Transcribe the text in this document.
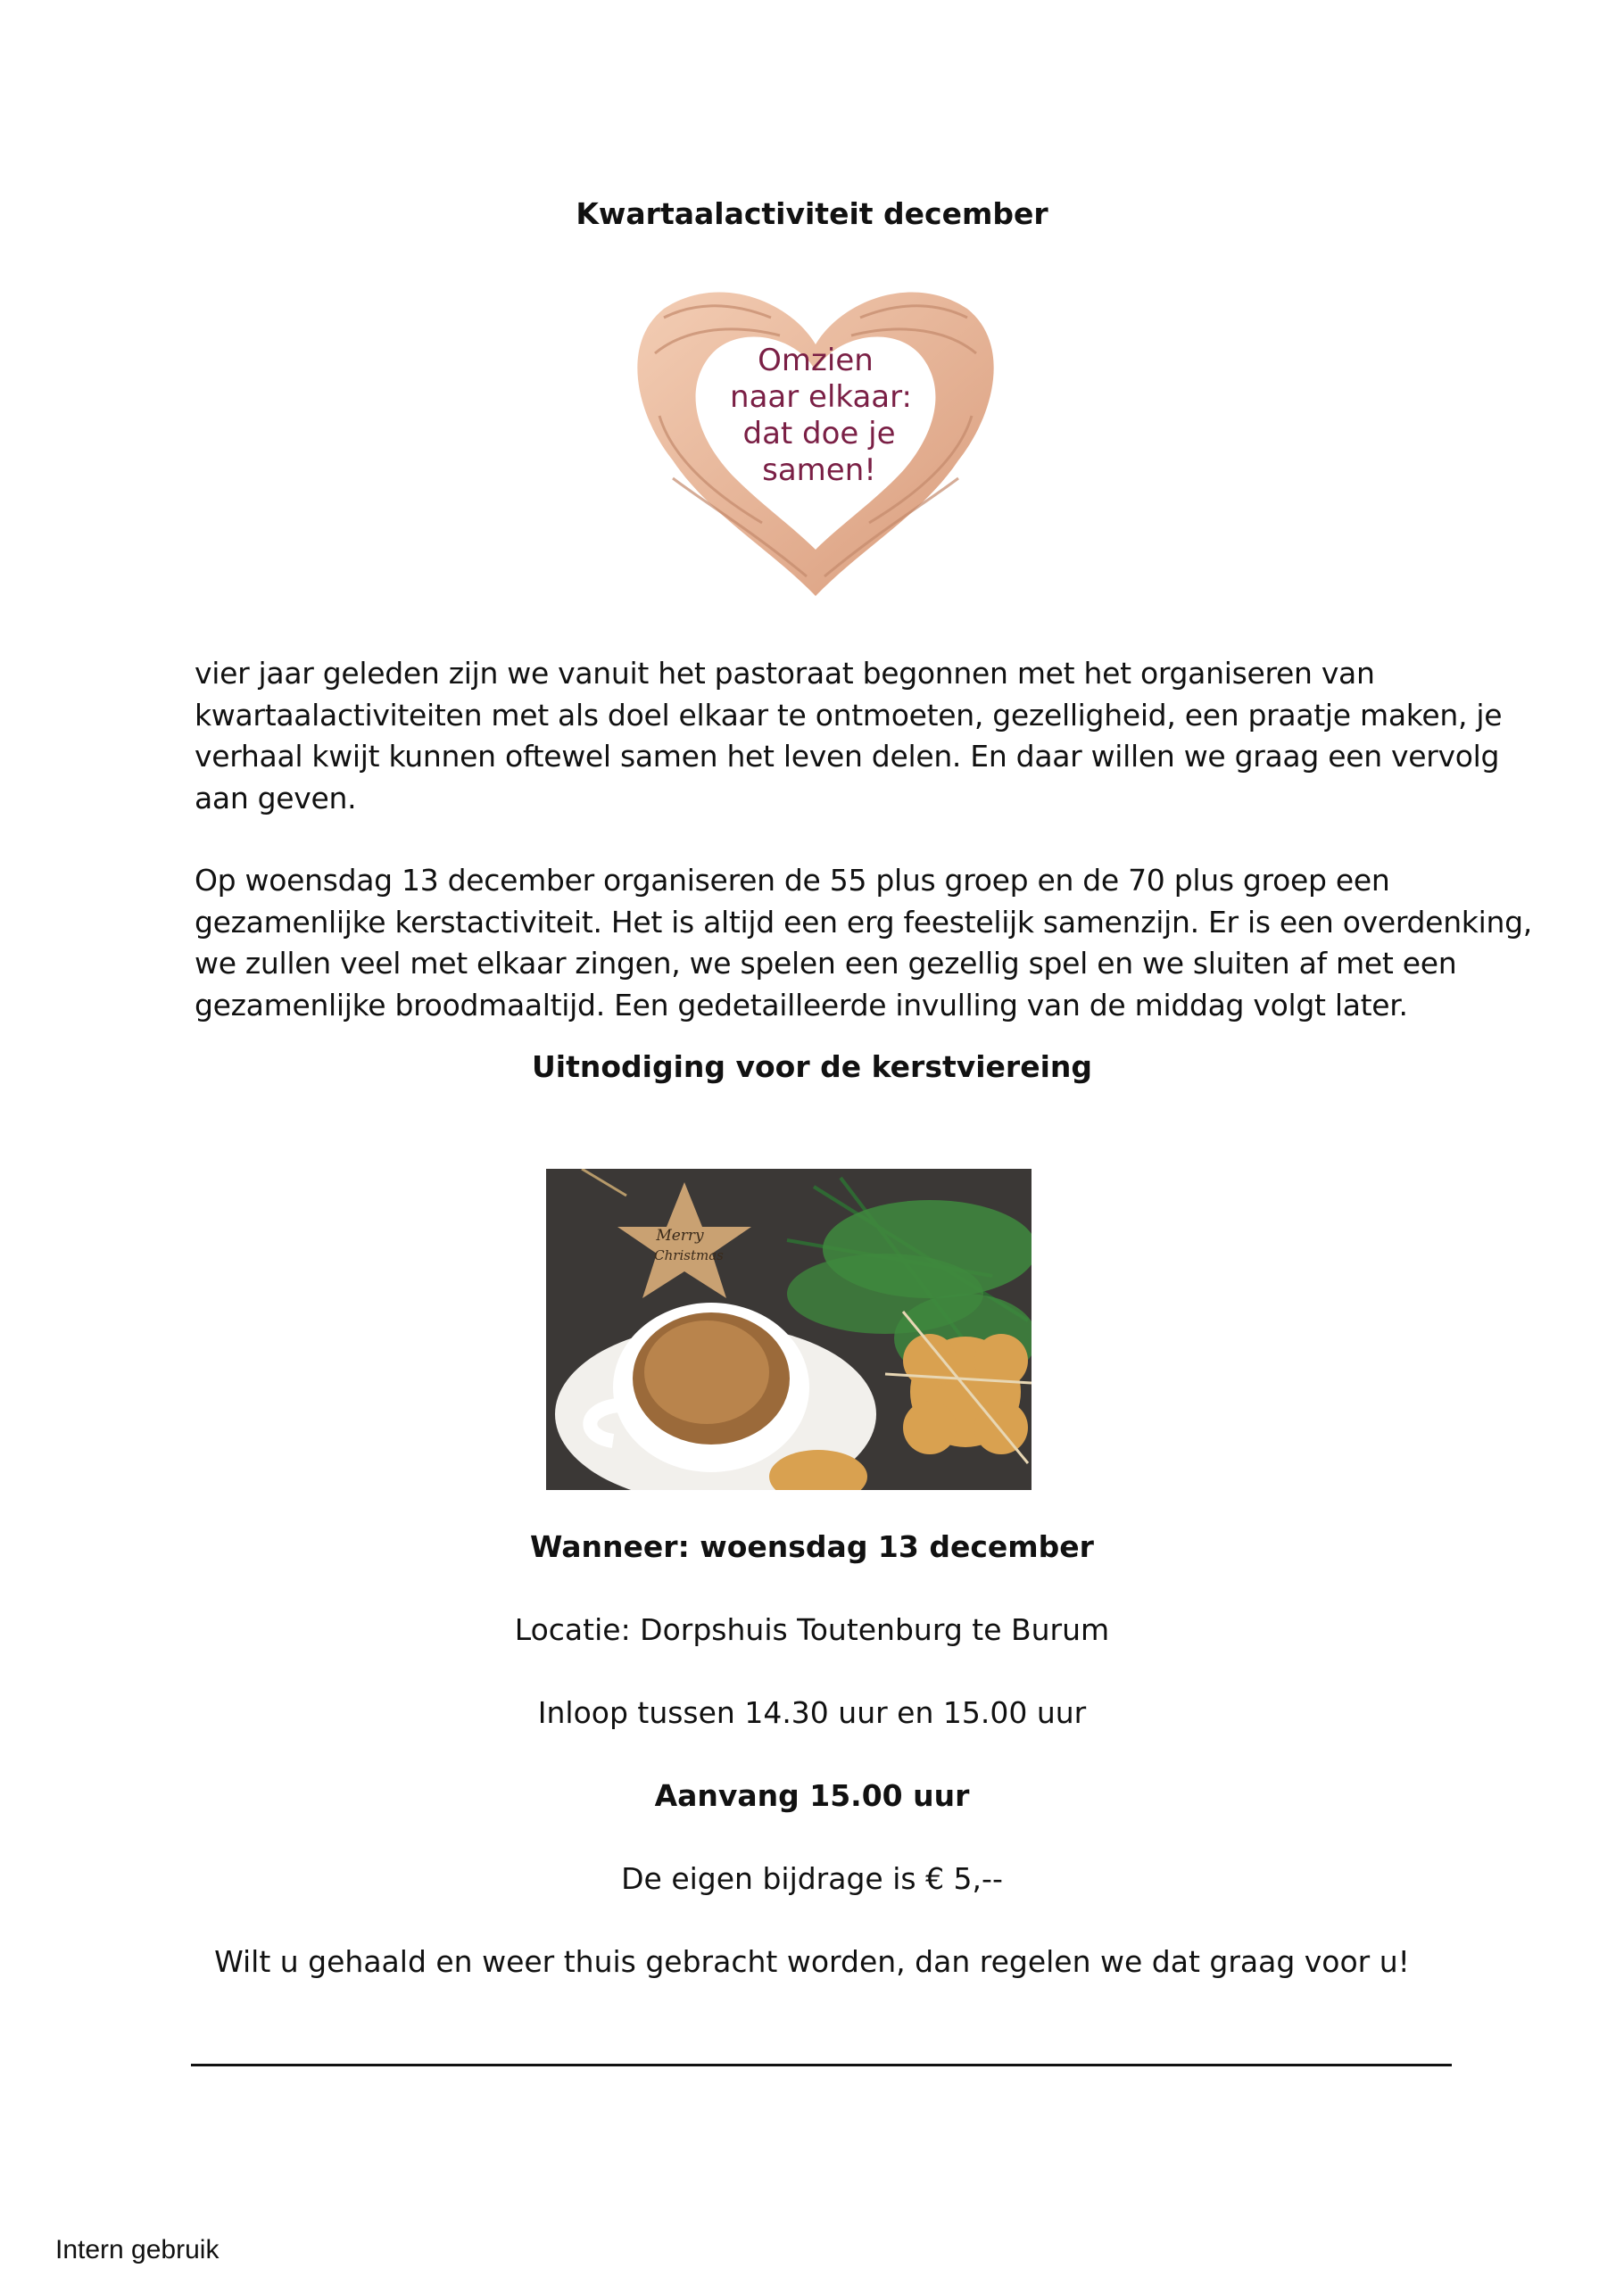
Kwartaalactiviteit december
Omzien
naar elkaar:
dat doe je
samen!

vier jaar geleden zijn we vanuit het pastoraat begonnen met het organiseren van

kwartaalactiviteiten met als doel elkaar te ontmoeten, gezelligheid, een praatje maken, je

verhaal kwijt kunnen oftewel samen het leven delen. En daar willen we graag een vervolg

aan geven.

Op woensdag 13 december organiseren de 55 plus groep en de 70 plus groep een

gezamenlijke kerstactiviteit. Het is altijd een erg feestelijk samenzijn. Er is een overdenking,

we zullen veel met elkaar zingen, we spelen een gezellig spel en we sluiten af met een

gezamenlijke broodmaaltijd. Een gedetailleerde invulling van de middag volgt later.

Uitnodiging voor de kerstviereing
Merry
Christmas
Wanneer: woensdag 13 december
Locatie: Dorpshuis Toutenburg te Burum
Inloop tussen 14.30 uur en 15.00 uur
Aanvang 15.00 uur
De eigen bijdrage is € 5,--
Wilt u gehaald en weer thuis gebracht worden, dan regelen we dat graag voor u!
Intern gebruik
